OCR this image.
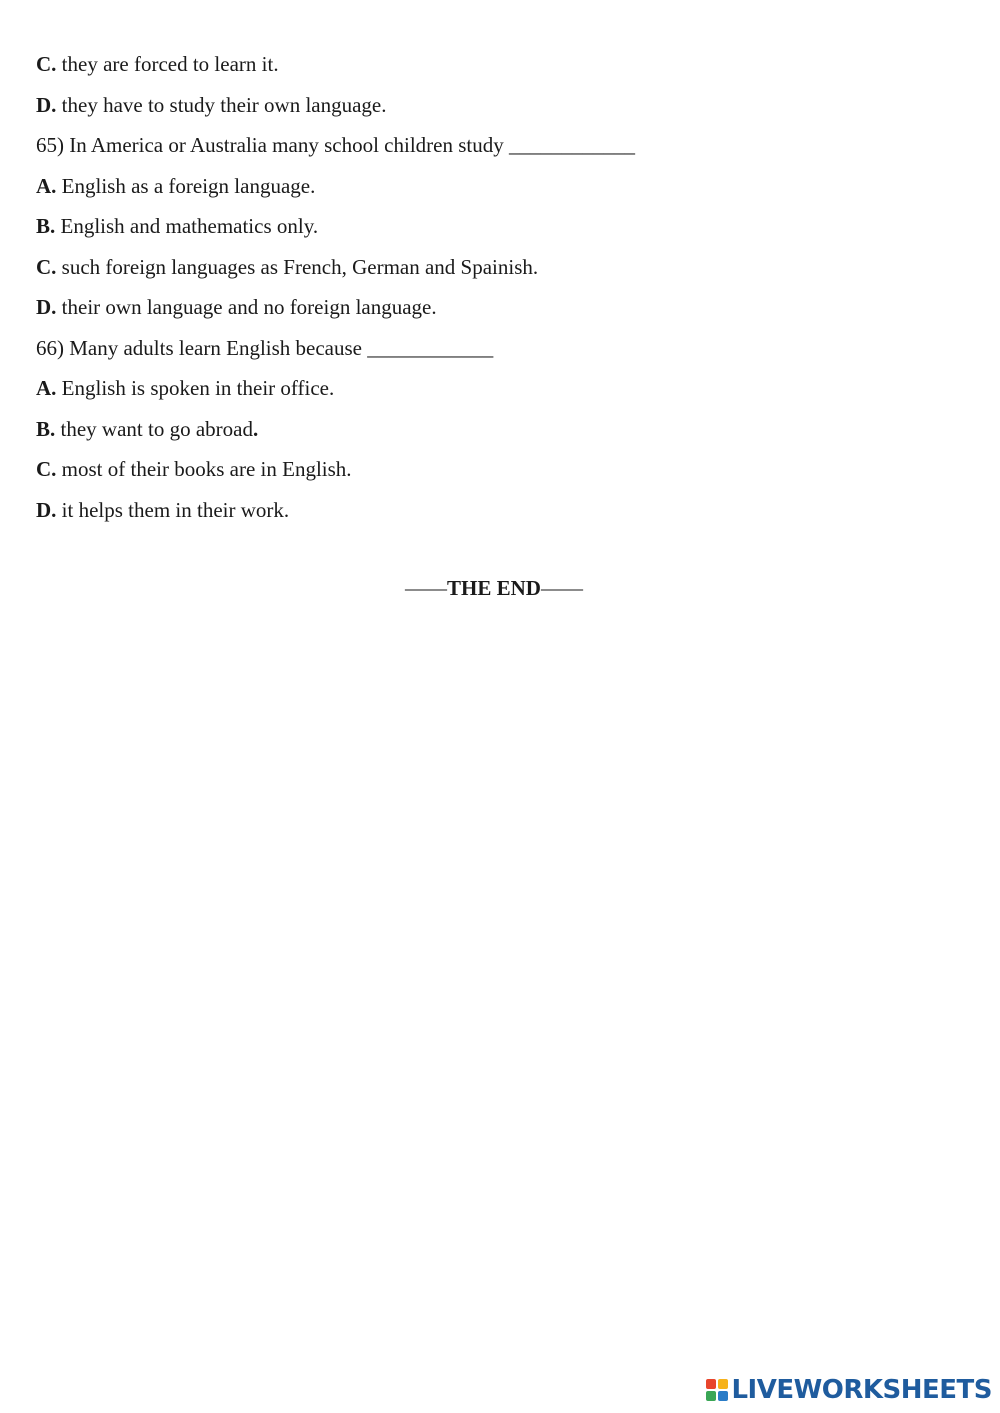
C. they are forced to learn it.
D. they have to study their own language.
65) In America or Australia many school children study ____________
A. English as a foreign language.
B. English and mathematics only.
C. such foreign languages as French, German and Spainish.
D. their own language and no foreign language.
66) Many adults learn English because ____________
A. English is spoken in their office.
B. they want to go abroad.
C. most of their books are in English.
D. it helps them in their work.
——THE END——
LIVEWORKSHEETS
